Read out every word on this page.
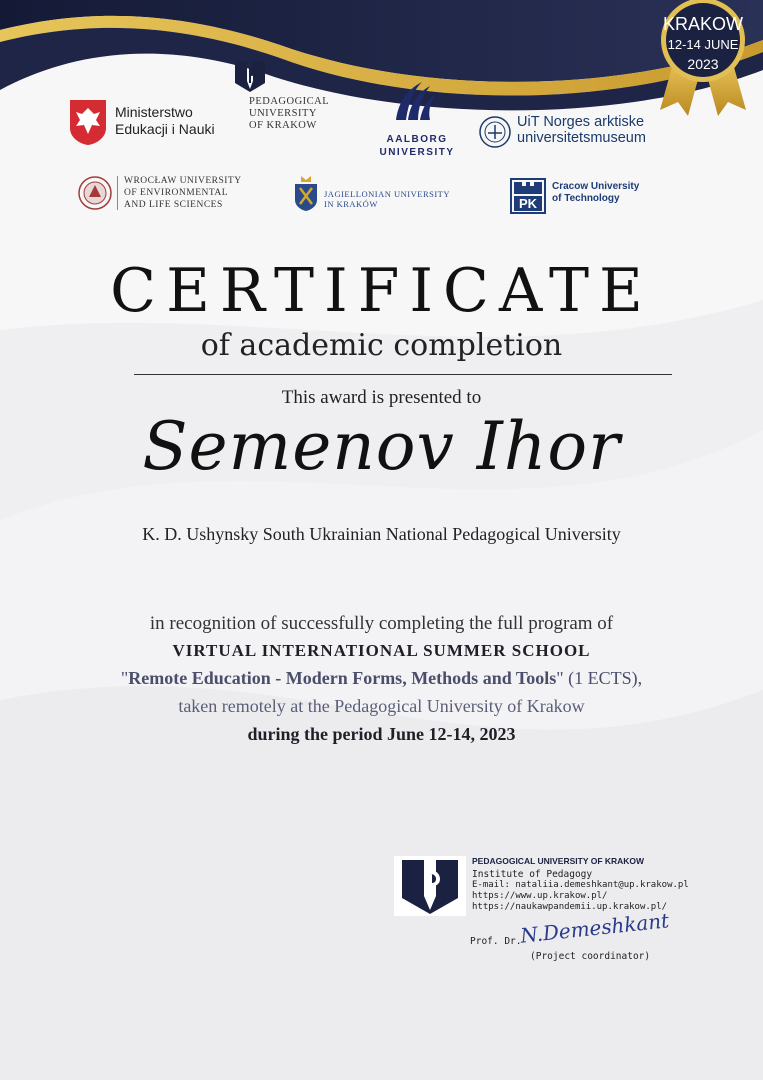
KRAKOW
12-14 JUNE
2023
Ministerstwo
Edukacji i Nauki
PEDAGOGICAL
UNIVERSITY
OF KRAKOW
AALBORG
UNIVERSITY
UiT Norges arktiske
universitetsmuseum
WROCŁAW UNIVERSITY
OF ENVIRONMENTAL
AND LIFE SCIENCES
JAGIELLONIAN UNIVERSITY
IN KRAKÓW	PK
Cracow University
of Technology
CERTIFICATE
of academic completion
This award is presented to
Semenov Ihor
K. D. Ushynsky South Ukrainian National Pedagogical University
in recognition of successfully completing the full program of
VIRTUAL INTERNATIONAL SUMMER SCHOOL
"Remote Education - Modern Forms, Methods and Tools" (1 ECTS),
taken remotely at the Pedagogical University of Krakow
during the period June 12-14, 2023
PEDAGOGICAL UNIVERSITY OF KRAKOW
Institute of Pedagogy
E-mail: nataliia.demeshkant@up.krakow.pl
https://www.up.krakow.pl/
https://naukawpandemii.up.krakow.pl/
Prof. Dr.
N.Demeshkant
(Project coordinator)
